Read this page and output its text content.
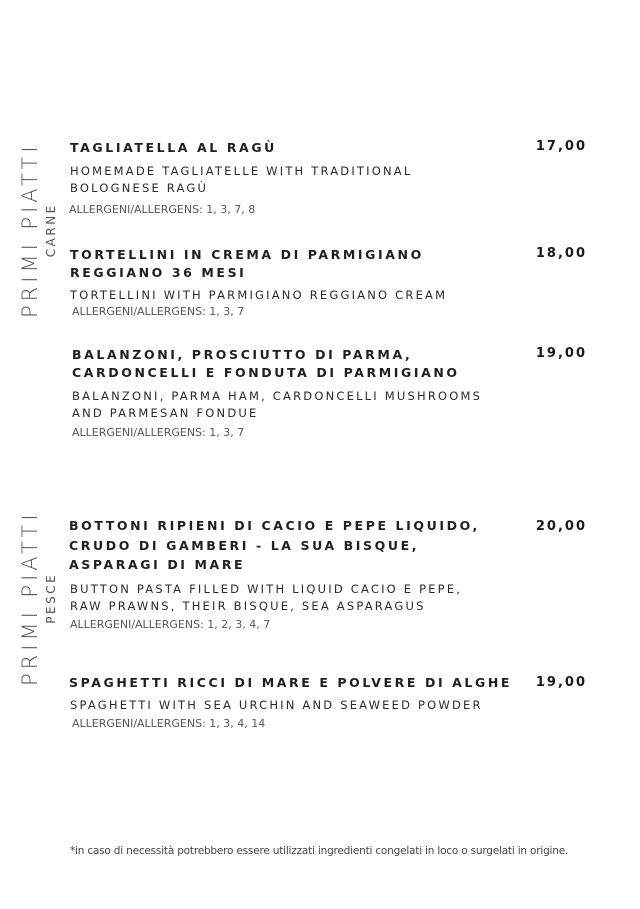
PRIMI PIATTI CARNE
TAGLIATELLA AL RAGÙ
HOMEMADE TAGLIATELLE WITH TRADITIONAL
BOLOGNESE RAGÙ
ALLERGENI/ALLERGENS: 1, 3, 7, 8
17,00
TORTELLINI IN CREMA DI PARMIGIANO
REGGIANO 36 MESI
TORTELLINI WITH PARMIGIANO REGGIANO CREAM
ALLERGENI/ALLERGENS: 1, 3, 7
18,00
BALANZONI, PROSCIUTTO DI PARMA,
CARDONCELLI E FONDUTA DI PARMIGIANO
BALANZONI, PARMA HAM, CARDONCELLI MUSHROOMS
AND PARMESAN FONDUE
ALLERGENI/ALLERGENS: 1, 3, 7
19,00
PRIMI PIATTI PESCE
BOTTONI RIPIENI DI CACIO E PEPE LIQUIDO,
CRUDO DI GAMBERI - LA SUA BISQUE,
ASPARAGI DI MARE
BUTTON PASTA FILLED WITH LIQUID CACIO E PEPE,
RAW PRAWNS, THEIR BISQUE, SEA ASPARAGUS
ALLERGENI/ALLERGENS: 1, 2, 3, 4, 7
20,00
SPAGHETTI RICCI DI MARE E POLVERE DI ALGHE
SPAGHETTI WITH SEA URCHIN AND SEAWEED POWDER
ALLERGENI/ALLERGENS: 1, 3, 4, 14
19,00
*in caso di necessità potrebbero essere utilizzati ingredienti congelati in loco o surgelati in origine.
